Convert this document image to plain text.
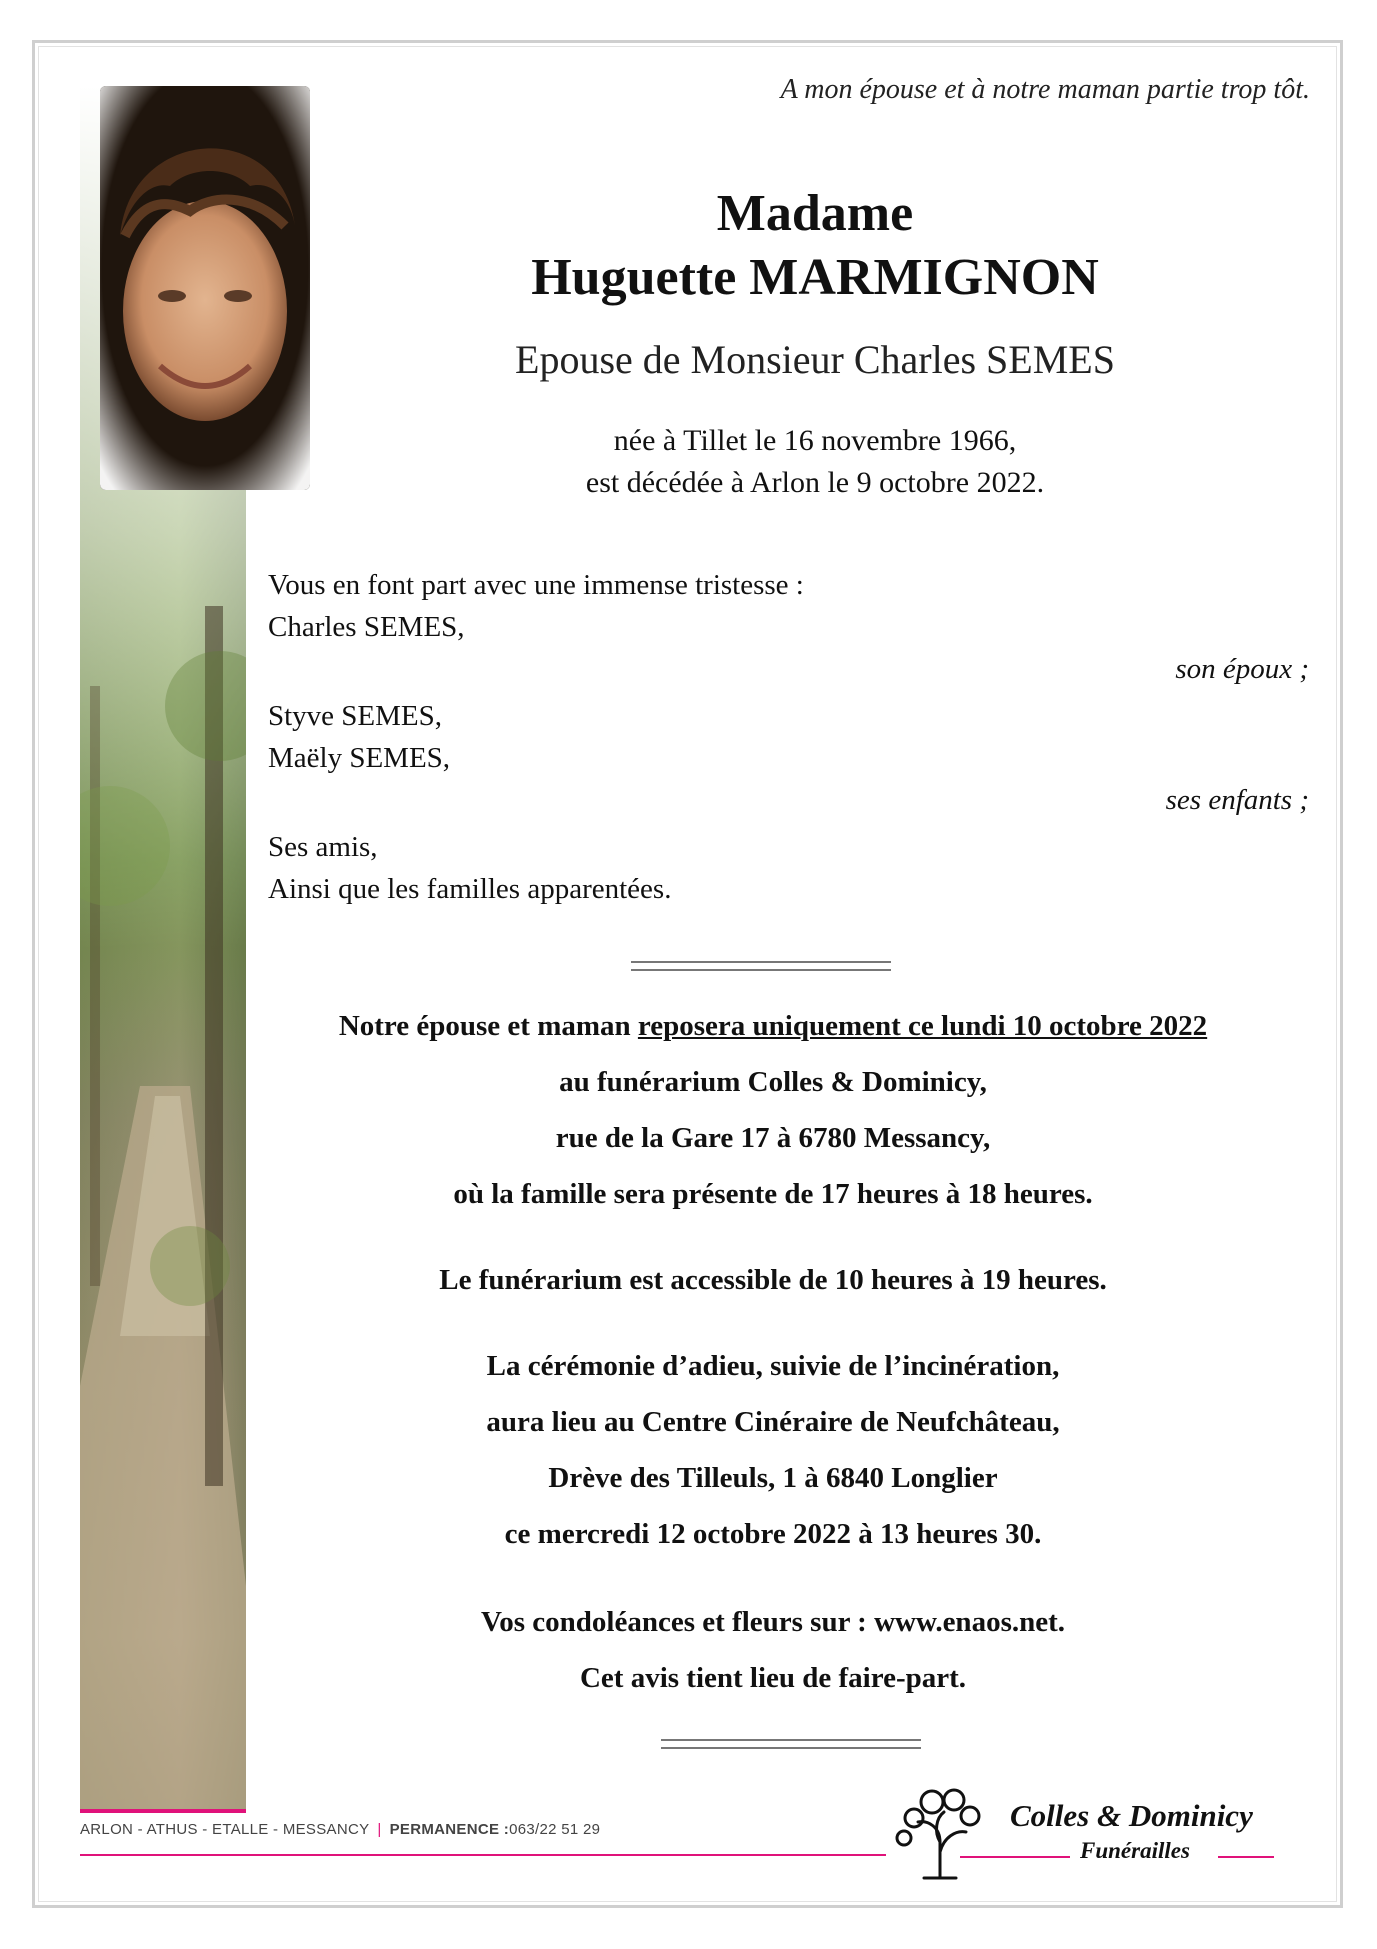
A mon épouse et à notre maman partie trop tôt.
Madame
Huguette MARMIGNON
Epouse de Monsieur Charles SEMES
née à Tillet le 16 novembre 1966,
est décédée à Arlon le 9 octobre 2022.
Vous en font part avec une immense tristesse :
Charles SEMES,
son époux ;
Styve SEMES,
Maëly SEMES,
ses enfants ;
Ses amis,
Ainsi que les familles apparentées.
Notre épouse et maman reposera uniquement ce lundi 10 octobre 2022
au funérarium Colles & Dominicy,
rue de la Gare 17 à 6780 Messancy,
où la famille sera présente de 17 heures à 18 heures.
Le funérarium est accessible de 10 heures à 19 heures.
La cérémonie d’adieu, suivie de l’incinération,
aura lieu au Centre Cinéraire de Neufchâteau,
Drève des Tilleuls, 1 à 6840 Longlier
ce mercredi 12 octobre 2022 à 13 heures 30.
Vos condoléances et fleurs sur : www.enaos.net.
Cet avis tient lieu de faire-part.
ARLON - ATHUS - ETALLE - MESSANCY | PERMANENCE :063/22 51 29	Colles & Dominicy
Funérailles
